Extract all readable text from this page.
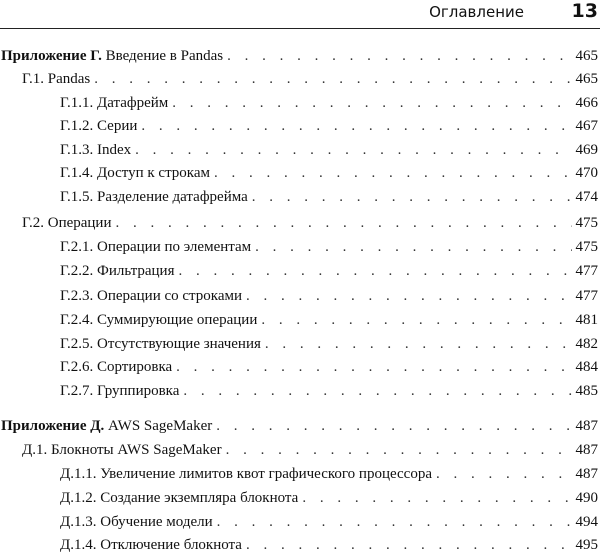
Оглавление	13
Приложение Г. Введение в Pandas . . .	465
Г.1. Pandas . . .	465
Г.1.1. Датафрейм . . .	466
Г.1.2. Серии . . .	467
Г.1.3. Index . . .	469
Г.1.4. Доступ к строкам . . .	470
Г.1.5. Разделение датафрейма . . .	474
Г.2. Операции . . .	475
Г.2.1. Операции по элементам . . .	475
Г.2.2. Фильтрация . . .	477
Г.2.3. Операции со строками . . .	477
Г.2.4. Суммирующие операции . . .	481
Г.2.5. Отсутствующие значения . . .	482
Г.2.6. Сортировка . . .	484
Г.2.7. Группировка . . .	485
Приложение Д. AWS SageMaker . . .	487
Д.1. Блокноты AWS SageMaker . . .	487
Д.1.1. Увеличение лимитов квот графического процессора . . .	487
Д.1.2. Создание экземпляра блокнота . . .	490
Д.1.3. Обучение модели . . .	494
Д.1.4. Отключение блокнота . . .	495
